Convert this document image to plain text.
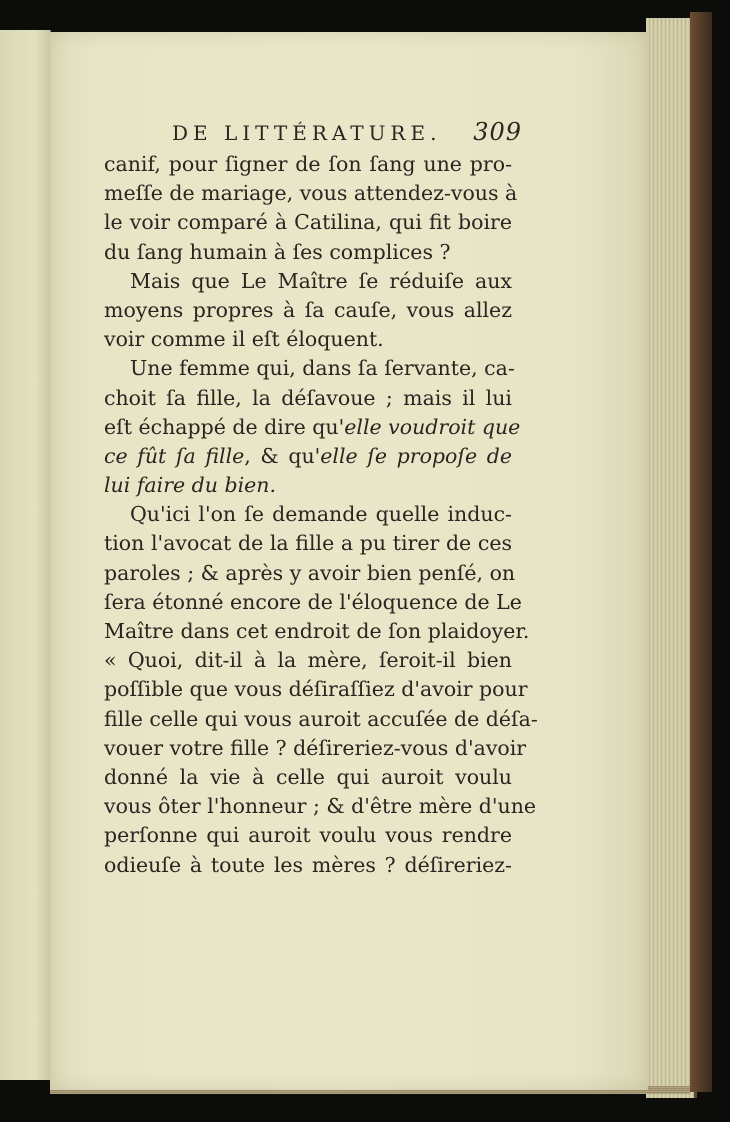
DE LITTÉRATURE. 309
canif, pour ſigner de ſon ſang une pro-
meſſe de mariage, vous attendez-vous à
le voir comparé à Catilina, qui fit boire
du ſang humain à ſes complices ?
Mais que Le Maître ſe réduiſe aux
moyens propres à ſa cauſe, vous allez
voir comme il eſt éloquent.
Une femme qui, dans ſa ſervante, ca-
choit ſa fille, la déſavoue ; mais il lui
eſt échappé de dire qu'elle voudroit que
ce fût ſa fille, & qu'elle ſe propoſe de
lui faire du bien.
Qu'ici l'on ſe demande quelle induc-
tion l'avocat de la fille a pu tirer de ces
paroles ; & après y avoir bien penſé, on
ſera étonné encore de l'éloquence de Le
Maître dans cet endroit de ſon plaidoyer.
« Quoi, dit-il à la mère, ſeroit-il bien
poſſible que vous déſiraſſiez d'avoir pour
fille celle qui vous auroit accuſée de déſa-
vouer votre fille ? déſireriez-vous d'avoir
donné la vie à celle qui auroit voulu
vous ôter l'honneur ; & d'être mère d'une
perſonne qui auroit voulu vous rendre
odieuſe à toute les mères ? déſireriez-
